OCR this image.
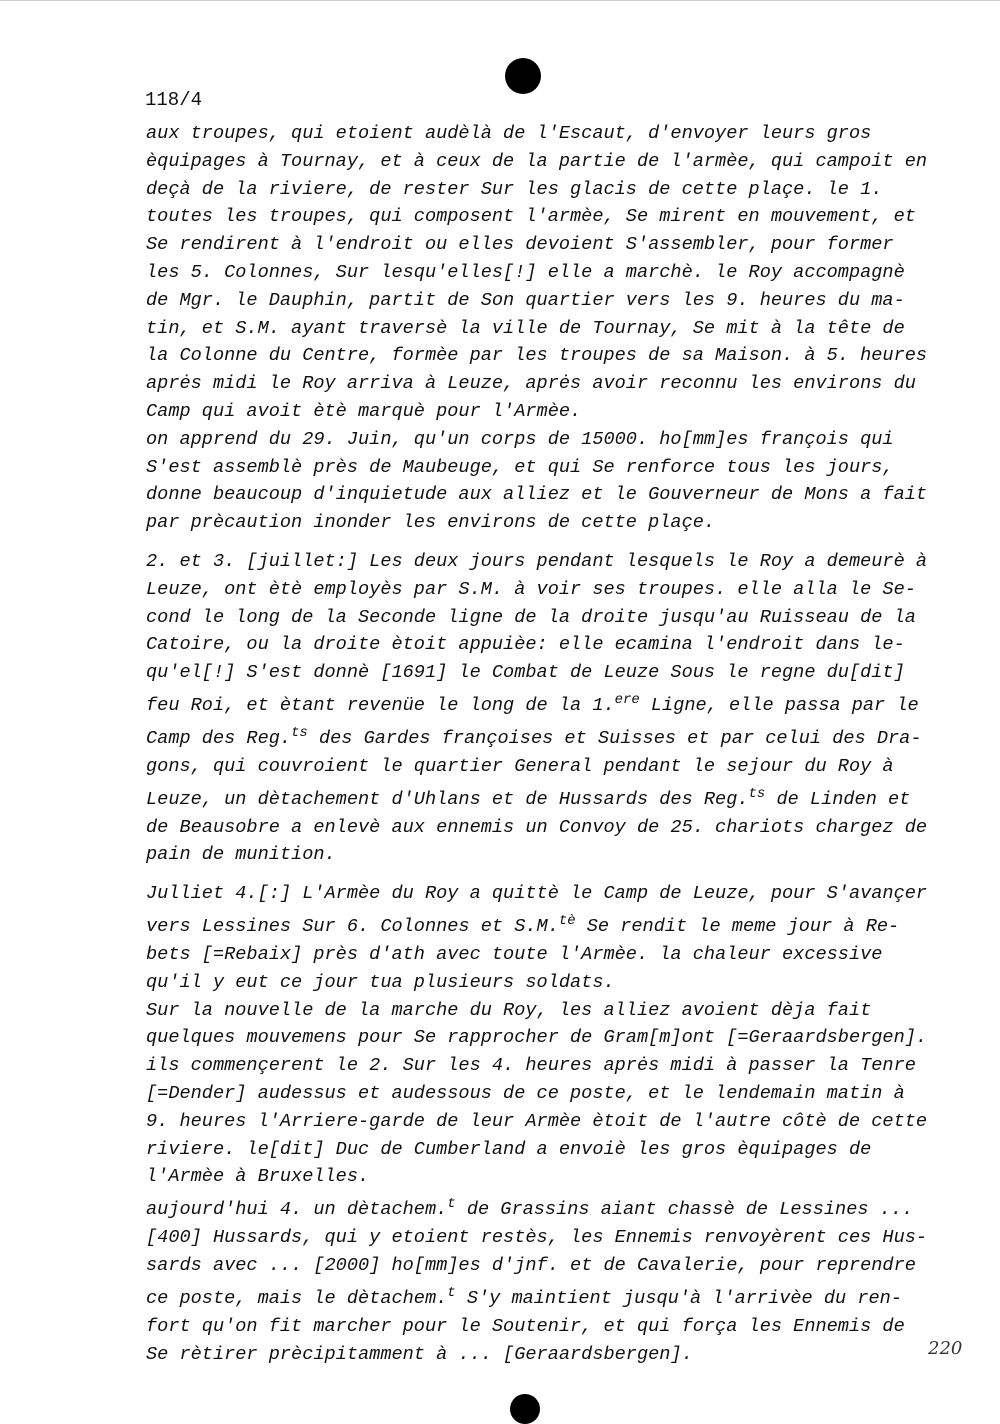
118/4
aux troupes, qui etoient audèlà de l'Escaut, d'envoyer leurs gros
èquipages à Tournay, et à ceux de la partie de l'armèe, qui campoit en
deçà de la riviere, de rester Sur les glacis de cette plaçe. le 1.
toutes les troupes, qui composent l'armèe, Se mirent en mouvement, et
Se rendirent à l'endroit ou elles devoient S'assembler, pour former
les 5. Colonnes, Sur lesqu'elles[!] elle a marchè. le Roy accompagnè
de Mgr. le Dauphin, partit de Son quartier vers les 9. heures du ma-
tin, et S.M. ayant traversè la ville de Tournay, Se mit à la tête de
la Colonne du Centre, formèe par les troupes de sa Maison. à 5. heures
aprės midi le Roy arriva à Leuze, aprės avoir reconnu les environs du
Camp qui avoit ètè marquè pour l'Armèe.
on apprend du 29. Juin, qu'un corps de 15000. ho[mm]es françois qui
S'est assemblè près de Maubeuge, et qui Se renforce tous les jours,
donne beaucoup d'inquietude aux alliez et le Gouverneur de Mons a fait
par prècaution inonder les environs de cette plaçe.
2. et 3. [juillet:] Les deux jours pendant lesquels le Roy a demeurè à
Leuze, ont ètè employès par S.M. à voir ses troupes. elle alla le Se-
cond le long de la Seconde ligne de la droite jusqu'au Ruisseau de la
Catoire, ou la droite ètoit appuièe: elle ecamina l'endroit dans le-
qu'el[!] S'est donnè [1691] le Combat de Leuze Sous le regne du[dit]
feu Roi, et ètant revenüe le long de la 1.$^{ere}$ Ligne, elle passa par le
Camp des Reg.$^{ts}$ des Gardes françoises et Suisses et par celui des Dra-
gons, qui couvroient le quartier General pendant le sejour du Roy à
Leuze, un dètachement d'Uhlans et de Hussards des Reg.$^{ts}$ de Linden et
de Beausobre a enlevè aux ennemis un Convoy de 25. chariots chargez de
pain de munition.
Julliet 4.[:] L'Armèe du Roy a quittè le Camp de Leuze, pour S'avançer
vers Lessines Sur 6. Colonnes et S.M.$^{tè}$ Se rendit le meme jour à Re-
bets [=Rebaix] près d'ath avec toute l'Armèe. la chaleur excessive
qu'il y eut ce jour tua plusieurs soldats.
Sur la nouvelle de la marche du Roy, les alliez avoient dèja fait
quelques mouvemens pour Se rapprocher de Gram[m]ont [=Geraardsbergen].
ils commençerent le 2. Sur les 4. heures aprės midi à passer la Tenre
[=Dender] audessus et audessous de ce poste, et le lendemain matin à
9. heures l'Arriere-garde de leur Armèe ètoit de l'autre côtè de cette
riviere. le[dit] Duc de Cumberland a envoiè les gros èquipages de
l'Armèe à Bruxelles.
aujourd'hui 4. un dètachem.$^t$ de Grassins aiant chassè de Lessines ...
[400] Hussards, qui y etoient restès, les Ennemis renvoyèrent ces Hus-
sards avec ... [2000] ho[mm]es d'jnf. et de Cavalerie, pour reprendre
ce poste, mais le dètachem.$^t$ S'y maintient jusqu'à l'arrivèe du ren-
fort qu'on fit marcher pour le Soutenir, et qui força les Ennemis de
Se rètirer prècipitamment à ... [Geraardsbergen].	220
